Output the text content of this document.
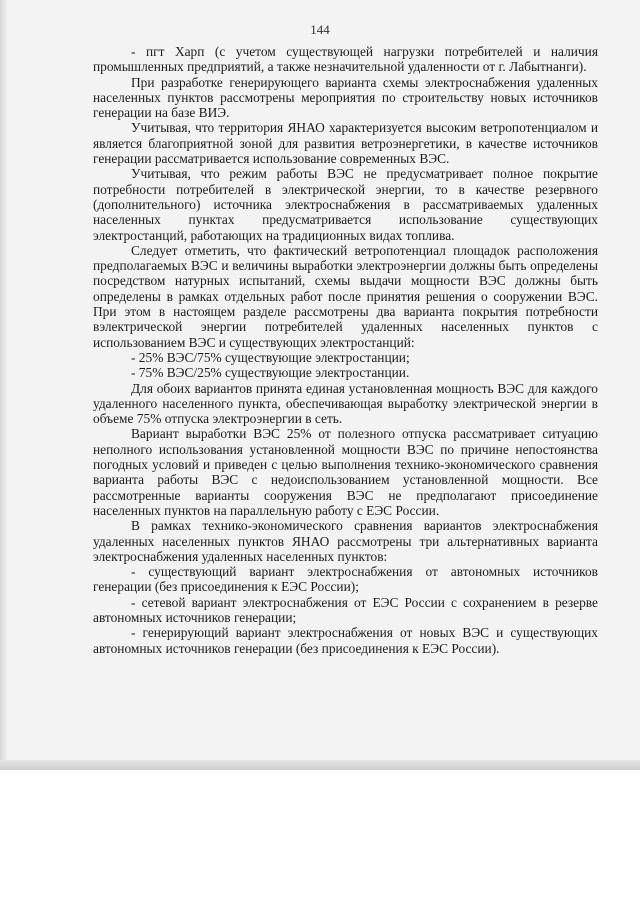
144

- пгт Харп (с учетом существующей нагрузки потребителей и наличия промышленных предприятий, а также незначительной удаленности от г. Лабытнанги).

При разработке генерирующего варианта схемы электроснабжения удаленных населенных пунктов рассмотрены мероприятия по строительству новых источников генерации на базе ВИЭ.

Учитывая, что территория ЯНАО характеризуется высоким ветропотенциалом и является благоприятной зоной для развития ветроэнергетики, в качестве источников генерации рассматривается использование современных ВЭС.

Учитывая, что режим работы ВЭС не предусматривает полное покрытие потребности потребителей в электрической энергии, то в качестве резервного (дополнительного) источника электроснабжения в рассматриваемых удаленных населенных пунктах предусматривается использование существующих электростанций, работающих на традиционных видах топлива.

Следует отметить, что фактический ветропотенциал площадок расположения предполагаемых ВЭС и величины выработки электроэнергии должны быть определены посредством натурных испытаний, схемы выдачи мощности ВЭС должны быть определены в рамках отдельных работ после принятия решения о сооружении ВЭС. При этом в настоящем разделе рассмотрены два варианта покрытия потребности вэлектрической энергии потребителей удаленных населенных пунктов с использованием ВЭС и существующих электростанций:

- 25% ВЭС/75% существующие электростанции;

- 75% ВЭС/25% существующие электростанции.

Для обоих вариантов принята единая установленная мощность ВЭС для каждого удаленного населенного пункта, обеспечивающая выработку электрической энергии в объеме 75% отпуска электроэнергии в сеть.

Вариант выработки ВЭС 25% от полезного отпуска рассматривает ситуацию неполного использования установленной мощности ВЭС по причине непостоянства погодных условий и приведен с целью выполнения технико-экономического сравнения варианта работы ВЭС с недоиспользованием установленной мощности. Все рассмотренные варианты сооружения ВЭС не предполагают присоединение населенных пунктов на параллельную работу с ЕЭС России.

В рамках технико-экономического сравнения вариантов электроснабжения удаленных населенных пунктов ЯНАО рассмотрены три альтернативных варианта электроснабжения удаленных населенных пунктов:

- существующий вариант электроснабжения от автономных источников генерации (без присоединения к ЕЭС России);

- сетевой вариант электроснабжения от ЕЭС России с сохранением в резерве автономных источников генерации;

- генерирующий вариант электроснабжения от новых ВЭС и существующих автономных источников генерации (без присоединения к ЕЭС России).
